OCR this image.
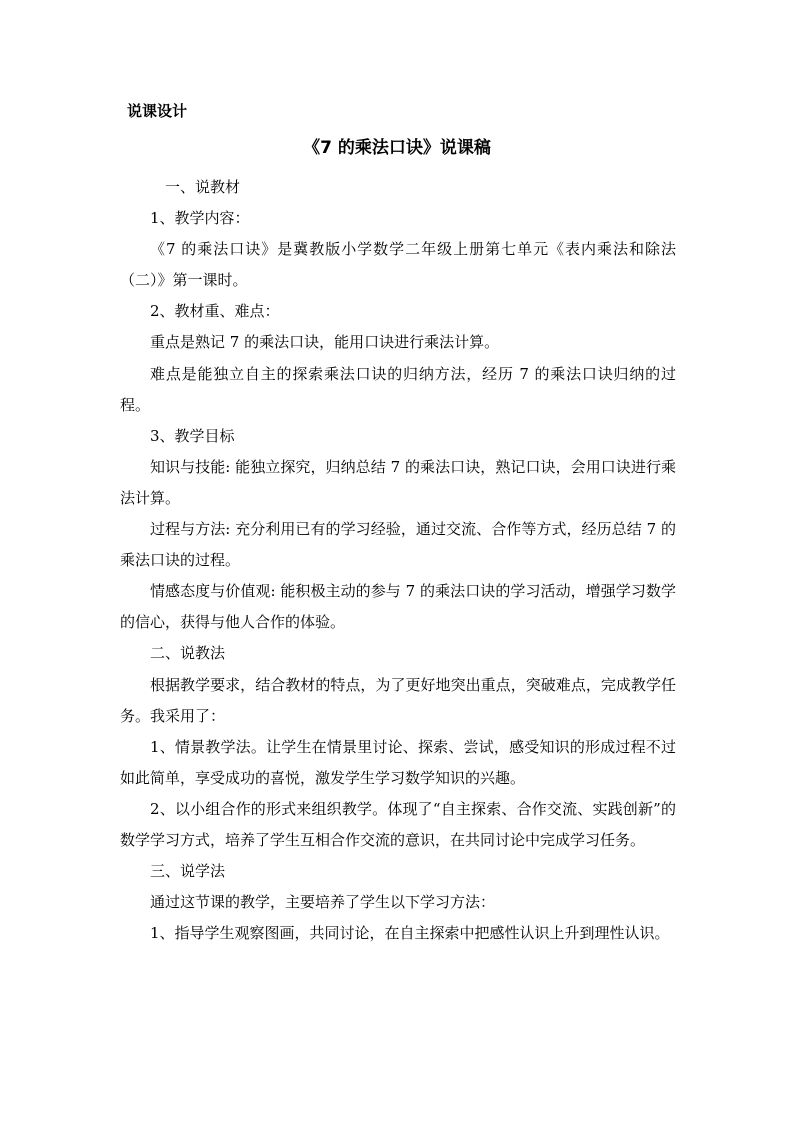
说课设计
《7 的乘法口诀》说课稿

一、说教材

1、教学内容：

《7 的乘法口诀》是冀教版小学数学二年级上册第七单元《表内乘法和除法（二）》第一课时。

2、教材重、难点：

重点是熟记 7 的乘法口诀，能用口诀进行乘法计算。

难点是能独立自主的探索乘法口诀的归纳方法，经历 7 的乘法口诀归纳的过程。

3、教学目标

知识与技能: 能独立探究，归纳总结 7 的乘法口诀，熟记口诀，会用口诀进行乘法计算。

过程与方法: 充分利用已有的学习经验，通过交流、合作等方式，经历总结 7 的乘法口诀的过程。

情感态度与价值观: 能积极主动的参与 7 的乘法口诀的学习活动，增强学习数学的信心，获得与他人合作的体验。

二、说教法

根据教学要求，结合教材的特点，为了更好地突出重点，突破难点，完成教学任务。我采用了：

1、情景教学法。让学生在情景里讨论、探索、尝试，感受知识的形成过程不过如此简单，享受成功的喜悦，激发学生学习数学知识的兴趣。

2、以小组合作的形式来组织教学。体现了“自主探索、合作交流、实践创新”的数学学习方式，培养了学生互相合作交流的意识，在共同讨论中完成学习任务。

三、说学法

通过这节课的教学，主要培养了学生以下学习方法：

1、指导学生观察图画，共同讨论，在自主探索中把感性认识上升到理性认识。
